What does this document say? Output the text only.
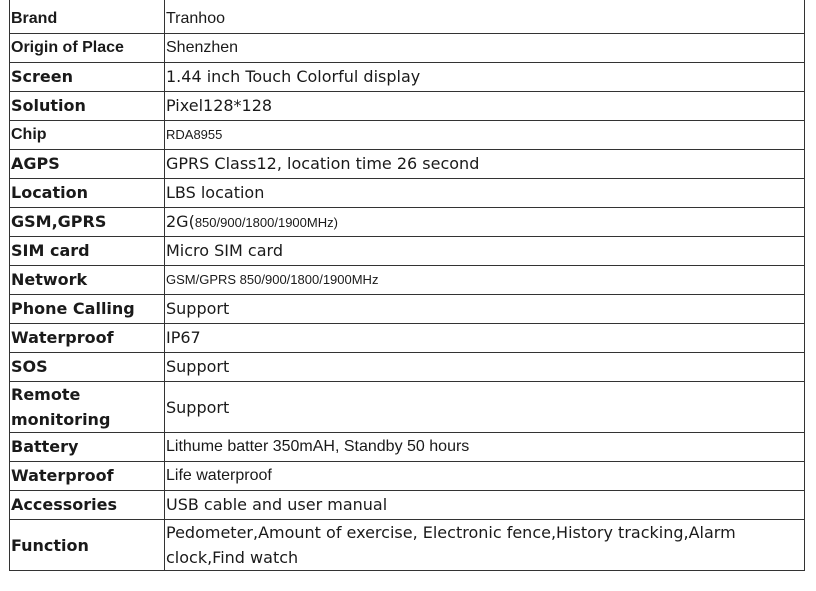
Brand	Tranhoo
Origin of Place	Shenzhen
Screen	1.44 inch Touch Colorful display
Solution	Pixel128*128
Chip	RDA8955
AGPS	GPRS Class12, location time 26 second
Location	LBS location
GSM,GPRS	2G(850/900/1800/1900MHz)
SIM card	Micro SIM card
Network	GSM/GPRS 850/900/1800/1900MHz
Phone Calling	Support
Waterproof	IP67
SOS	Support
Remote monitoring	Support
Battery	Lithume batter 350mAH, Standby 50 hours
Waterproof	Life waterproof
Accessories	USB cable and user manual
Function	Pedometer,Amount of exercise, Electronic fence,History tracking,Alarm clock,Find watch
